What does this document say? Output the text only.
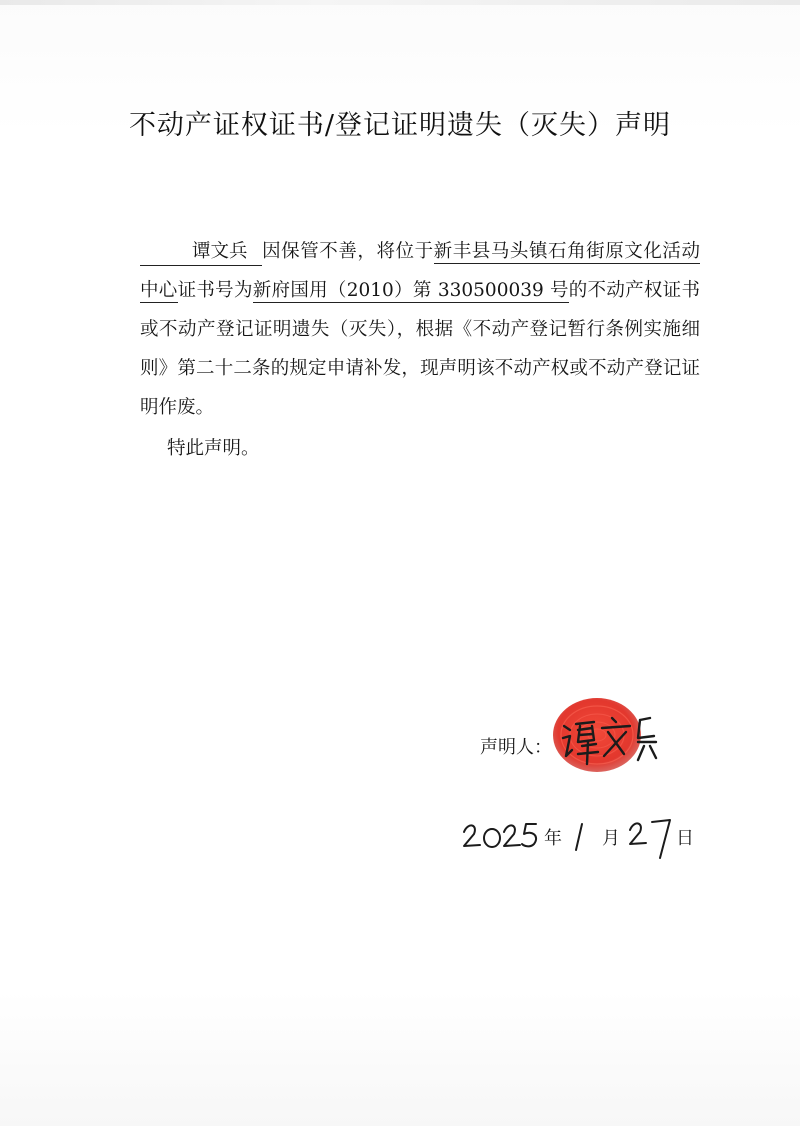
不动产证权证书/登记证明遗失（灭失）声明
谭文兵 因保管不善，将位于新丰县马头镇石角街原文化活动中心证书号为新府国用（2010）第 330500039 号的不动产权证书或不动产登记证明遗失（灭失），根据《不动产登记暂行条例实施细则》第二十二条的规定申请补发，现声明该不动产权或不动产登记证明作废。
特此声明。
声明人：
年 月	日
